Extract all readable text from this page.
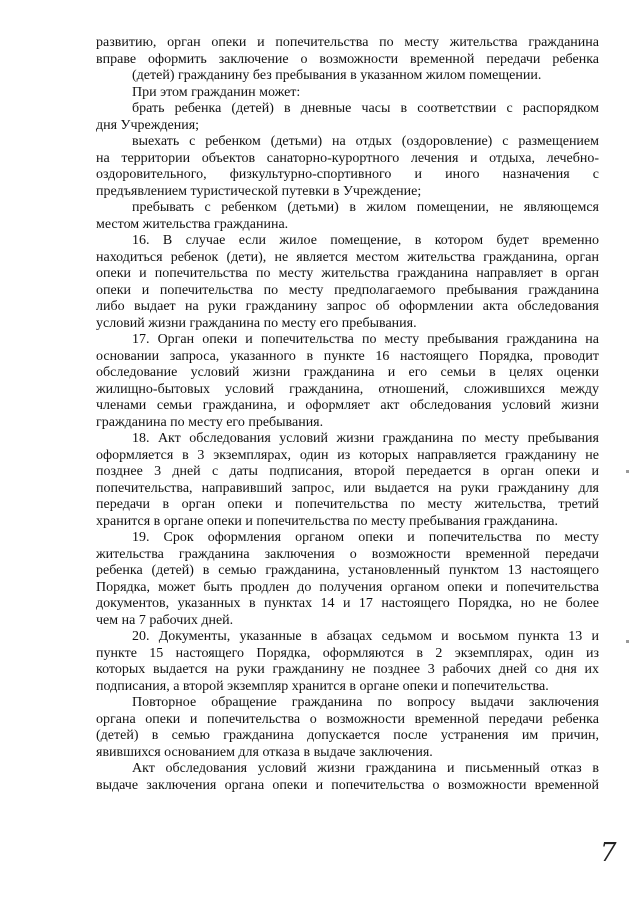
развитию, орган опеки и попечительства по месту жительства гражданина
вправе оформить заключение о возможности временной передачи ребенка
(детей) гражданину без пребывания в указанном жилом помещении.
При этом гражданин может:
брать ребенка (детей) в дневные часы в соответствии с распорядком
дня Учреждения;
выехать с ребенком (детьми) на отдых (оздоровление) с размещением
на территории объектов санаторно-курортного лечения и отдыха, лечебно-
оздоровительного, физкультурно-спортивного и иного назначения с
предъявлением туристической путевки в Учреждение;
пребывать с ребенком (детьми) в жилом помещении, не являющемся
местом жительства гражданина.
16. В случае если жилое помещение, в котором будет временно
находиться ребенок (дети), не является местом жительства гражданина, орган
опеки и попечительства по месту жительства гражданина направляет в орган
опеки и попечительства по месту предполагаемого пребывания гражданина
либо выдает на руки гражданину запрос об оформлении акта обследования
условий жизни гражданина по месту его пребывания.
17. Орган опеки и попечительства по месту пребывания гражданина на
основании запроса, указанного в пункте 16 настоящего Порядка, проводит
обследование условий жизни гражданина и его семьи в целях оценки
жилищно-бытовых условий гражданина, отношений, сложившихся между
членами семьи гражданина, и оформляет акт обследования условий жизни
гражданина по месту его пребывания.
18. Акт обследования условий жизни гражданина по месту пребывания
оформляется в 3 экземплярах, один из которых направляется гражданину не
позднее 3 дней с даты подписания, второй передается в орган опеки и
попечительства, направивший запрос, или выдается на руки гражданину для
передачи в орган опеки и попечительства по месту жительства, третий
хранится в органе опеки и попечительства по месту пребывания гражданина.
19. Срок оформления органом опеки и попечительства по месту
жительства гражданина заключения о возможности временной передачи
ребенка (детей) в семью гражданина, установленный пунктом 13 настоящего
Порядка, может быть продлен до получения органом опеки и попечительства
документов, указанных в пунктах 14 и 17 настоящего Порядка, но не более
чем на 7 рабочих дней.
20. Документы, указанные в абзацах седьмом и восьмом пункта 13 и
пункте 15 настоящего Порядка, оформляются в 2 экземплярах, один из
которых выдается на руки гражданину не позднее 3 рабочих дней со дня их
подписания, а второй экземпляр хранится в органе опеки и попечительства.
Повторное обращение гражданина по вопросу выдачи заключения
органа опеки и попечительства о возможности временной передачи ребенка
(детей) в семью гражданина допускается после устранения им причин,
явившихся основанием для отказа в выдаче заключения.
Акт обследования условий жизни гражданина и письменный отказ в
выдаче заключения органа опеки и попечительства о возможности временной
7
